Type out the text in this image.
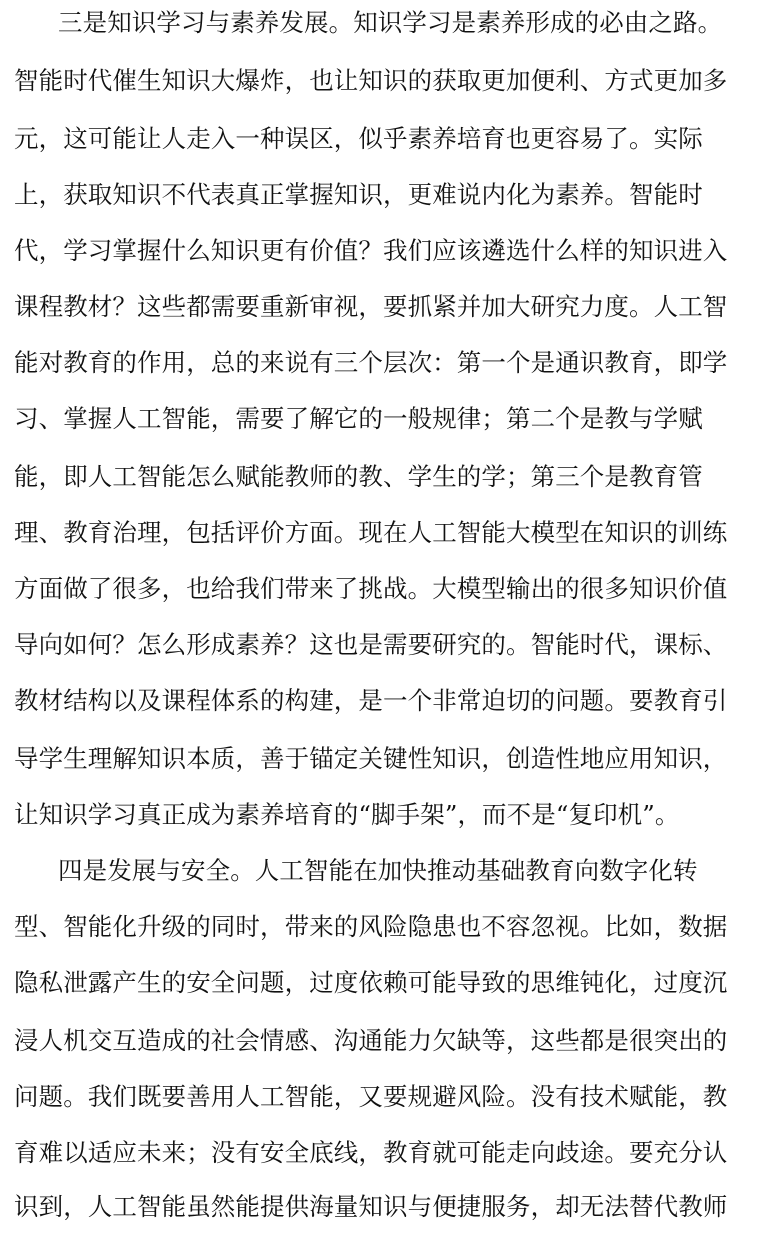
三是知识学习与素养发展。知识学习是素养形成的必由之路。
智能时代催生知识大爆炸，也让知识的获取更加便利、方式更加多
元，这可能让人走入一种误区，似乎素养培育也更容易了。实际
上，获取知识不代表真正掌握知识，更难说内化为素养。智能时
代，学习掌握什么知识更有价值？我们应该遴选什么样的知识进入
课程教材？这些都需要重新审视，要抓紧并加大研究力度。人工智
能对教育的作用，总的来说有三个层次：第一个是通识教育，即学
习、掌握人工智能，需要了解它的一般规律；第二个是教与学赋
能，即人工智能怎么赋能教师的教、学生的学；第三个是教育管
理、教育治理，包括评价方面。现在人工智能大模型在知识的训练
方面做了很多，也给我们带来了挑战。大模型输出的很多知识价值
导向如何？怎么形成素养？这也是需要研究的。智能时代，课标、
教材结构以及课程体系的构建，是一个非常迫切的问题。要教育引
导学生理解知识本质，善于锚定关键性知识，创造性地应用知识，
让知识学习真正成为素养培育的“脚手架”，而不是“复印机”。
四是发展与安全。人工智能在加快推动基础教育向数字化转
型、智能化升级的同时，带来的风险隐患也不容忽视。比如，数据
隐私泄露产生的安全问题，过度依赖可能导致的思维钝化，过度沉
浸人机交互造成的社会情感、沟通能力欠缺等，这些都是很突出的
问题。我们既要善用人工智能，又要规避风险。没有技术赋能，教
育难以适应未来；没有安全底线，教育就可能走向歧途。要充分认
识到，人工智能虽然能提供海量知识与便捷服务，却无法替代教师
